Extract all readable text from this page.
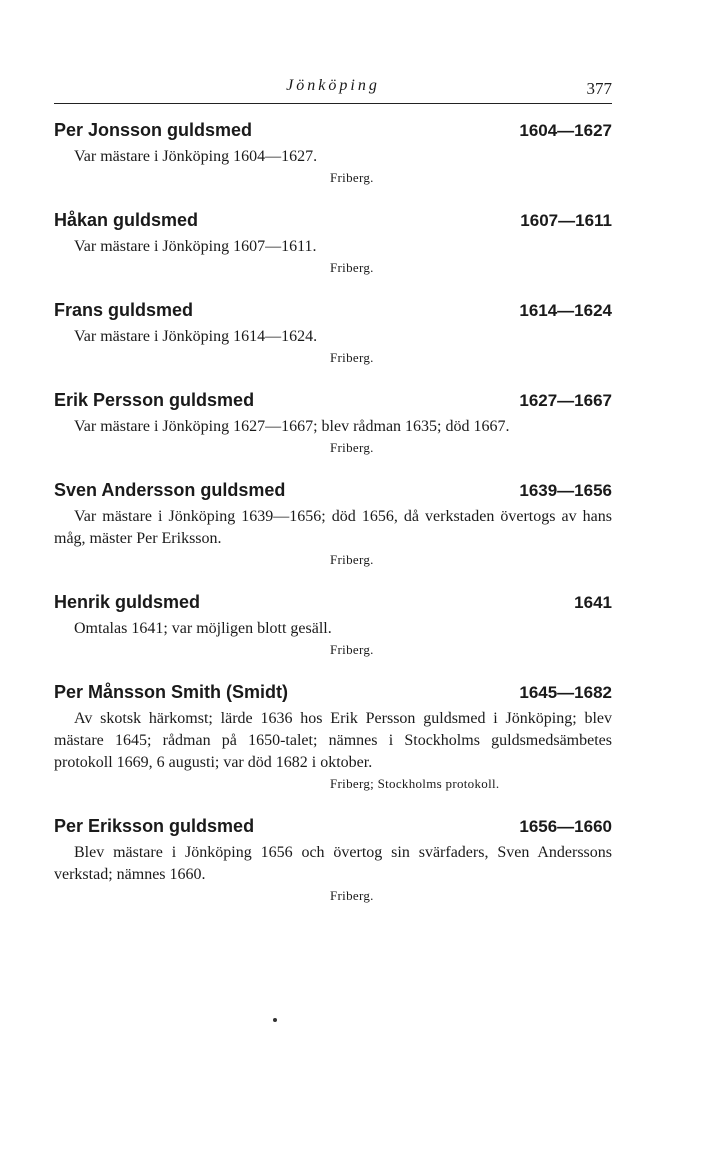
Jönköping	377
Per Jonsson guldsmed	1604—1627

Var mästare i Jönköping 1604—1627.

Friberg.
Håkan guldsmed	1607—1611

Var mästare i Jönköping 1607—1611.

Friberg.
Frans guldsmed	1614—1624

Var mästare i Jönköping 1614—1624.

Friberg.
Erik Persson guldsmed	1627—1667

Var mästare i Jönköping 1627—1667; blev rådman 1635; död 1667.

Friberg.
Sven Andersson guldsmed	1639—1656

Var mästare i Jönköping 1639—1656; död 1656, då verkstaden övertogs av hans måg, mäster Per Eriksson.

Friberg.
Henrik guldsmed	1641

Omtalas 1641; var möjligen blott gesäll.

Friberg.
Per Månsson Smith (Smidt)	1645—1682

Av skotsk härkomst; lärde 1636 hos Erik Persson guldsmed i Jönköping; blev mästare 1645; rådman på 1650-talet; nämnes i Stockholms guldsmedsämbetes protokoll 1669, 6 augusti; var död 1682 i oktober.

Friberg; Stockholms protokoll.
Per Eriksson guldsmed	1656—1660

Blev mästare i Jönköping 1656 och övertog sin svärfaders, Sven Anderssons verkstad; nämnes 1660.

Friberg.
